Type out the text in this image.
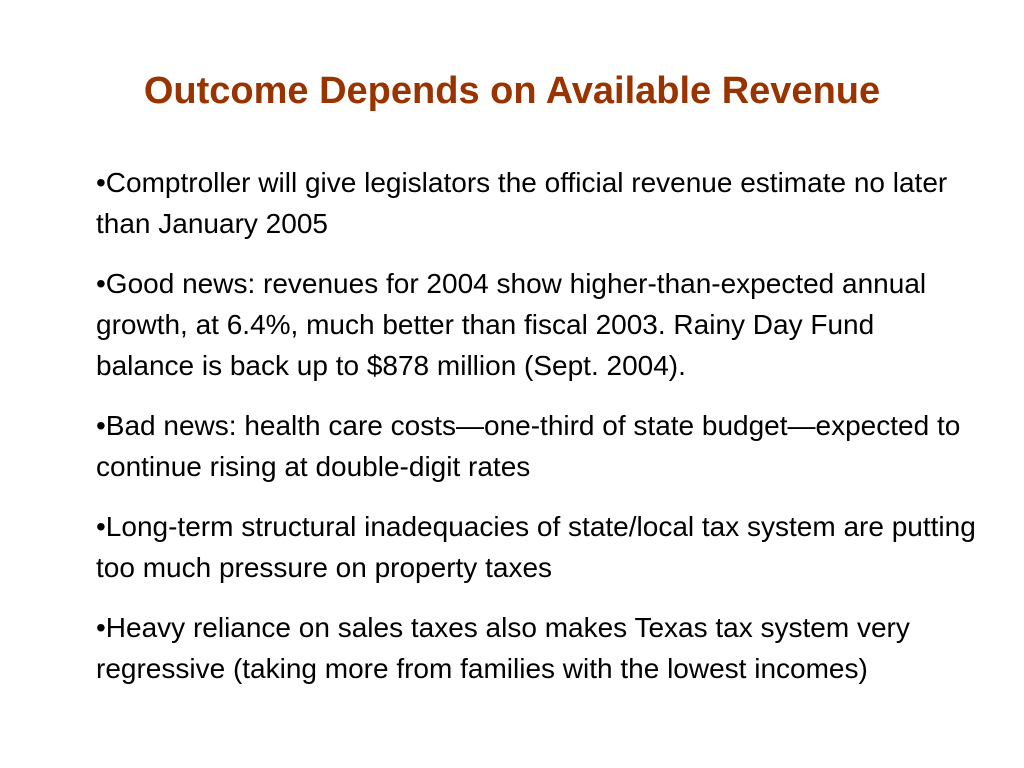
Outcome Depends on Available Revenue
•Comptroller will give legislators the official revenue estimate no later than January 2005
•Good news: revenues for 2004 show higher-than-expected annual growth, at 6.4%, much better than fiscal 2003. Rainy Day Fund balance is back up to $878 million (Sept. 2004).
•Bad news: health care costs—one-third of state budget—expected to continue rising at double-digit rates
•Long-term structural inadequacies of state/local tax system are putting too much pressure on property taxes
•Heavy reliance on sales taxes also makes Texas tax system very regressive (taking more from families with the lowest incomes)
